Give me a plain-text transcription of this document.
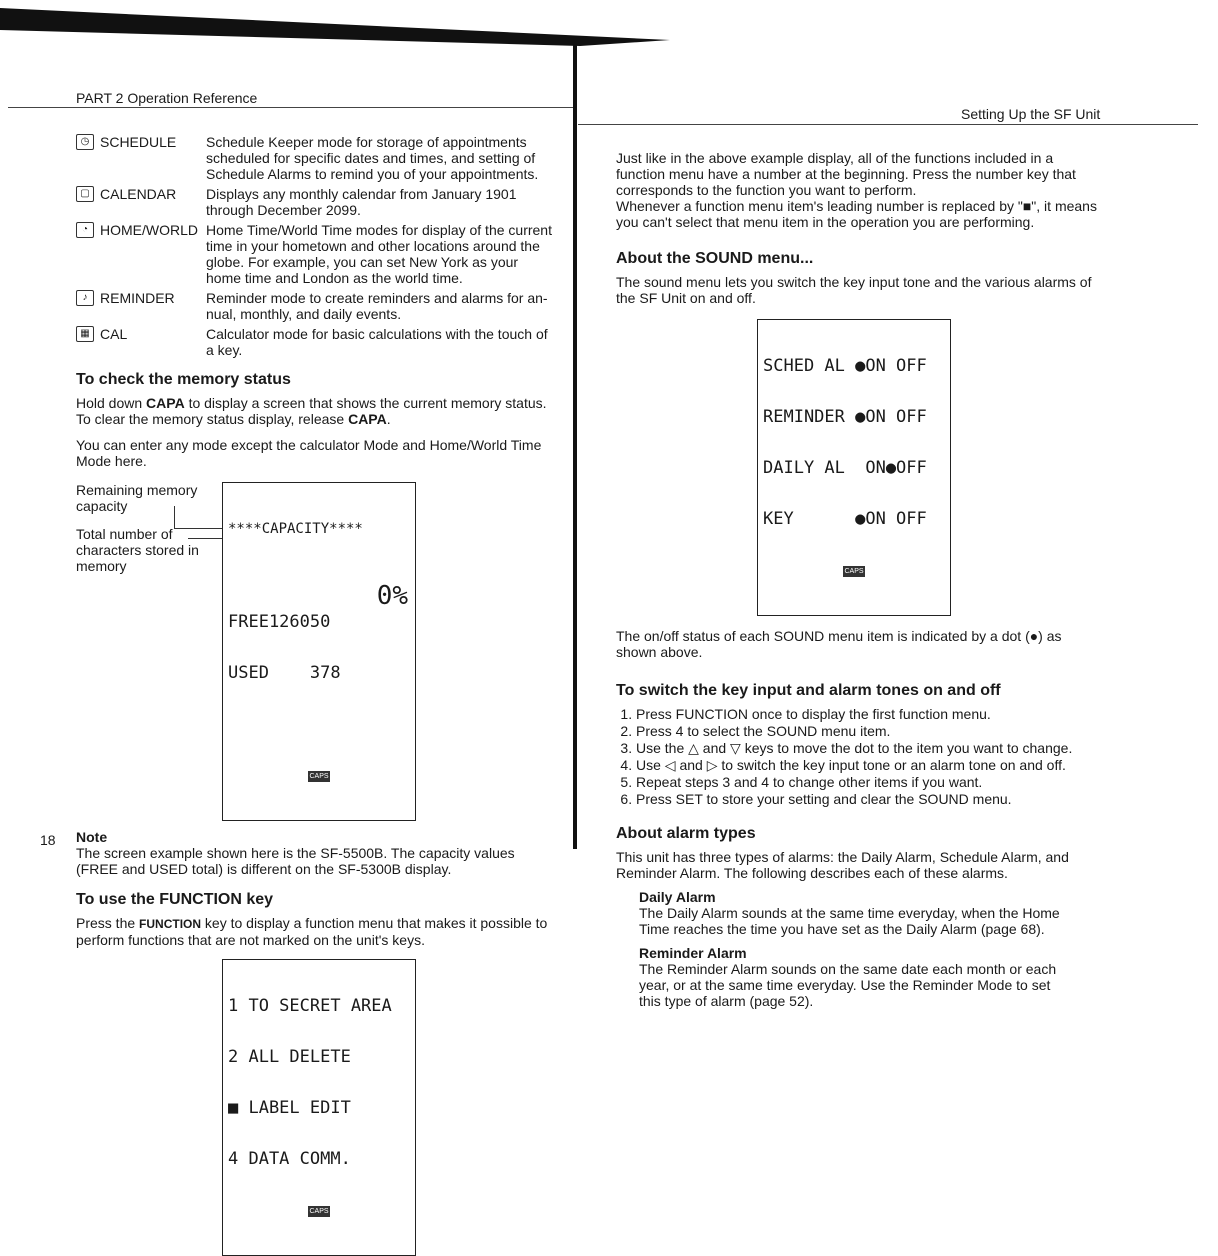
PART 2 Operation Reference
◷ SCHEDULE Schedule Keeper mode for storage of appointments scheduled for specific dates and times, and setting of Schedule Alarms to remind you of your appointments.
▢ CALENDAR Displays any monthly calendar from January 1901 through December 2099.
◔ HOME/WORLD Home Time/World Time modes for display of the current time in your hometown and other locations around the globe. For example, you can set New York as your home time and London as the world time.
♪ REMINDER Reminder mode to create reminders and alarms for an-nual, monthly, and daily events.
▦ CAL	Calculator mode for basic calculations with the touch of a key.
To check the memory status

Hold down CAPA to display a screen that shows the current memory status. To clear the memory status display, release CAPA.

You can enter any mode except the calculator Mode and Home/World Time Mode here.

Remaining memory capacity
Total number of characters stored in memory

****CAPACITY****

FREE126050

USED    378

0%

CAPS

Note

The screen example shown here is the SF-5500B. The capacity values (FREE and USED total) is different on the SF-5300B display.

To use the FUNCTION key

Press the FUNCTION key to display a function menu that makes it possible to perform functions that are not marked on the unit's keys.

1 TO SECRET AREA

2 ALL DELETE

■ LABEL EDIT

4 DATA COMM.

CAPS

18
Setting Up the SF Unit

Just like in the above example display, all of the functions included in a function menu have a number at the beginning. Press the number key that corresponds to the function you want to perform.

Whenever a function menu item's leading number is replaced by "■", it means you can't select that menu item in the operation you are performing.

About the SOUND menu...

The sound menu lets you switch the key input tone and the various alarms of the SF Unit on and off.

SCHED AL ●ON OFF

REMINDER ●ON OFF

DAILY AL  ON●OFF

KEY      ●ON OFF

CAPS

The on/off status of each SOUND menu item is indicated by a dot (●) as shown above.

To switch the key input and alarm tones on and off
1. Press FUNCTION once to display the first function menu.
2. Press 4 to select the SOUND menu item.
3. Use the △ and ▽ keys to move the dot to the item you want to change.
4. Use ◁ and ▷ to switch the key input tone or an alarm tone on and off.
5. Repeat steps 3 and 4 to change other items if you want.
6. Press SET to store your setting and clear the SOUND menu.
About alarm types

This unit has three types of alarms: the Daily Alarm, Schedule Alarm, and Reminder Alarm. The following describes each of these alarms.

Daily Alarm

The Daily Alarm sounds at the same time everyday, when the Home Time reaches the time you have set as the Daily Alarm (page 68).

Reminder Alarm

The Reminder Alarm sounds on the same date each month or each year, or at the same time everyday. Use the Reminder Mode to set this type of alarm (page 52).
